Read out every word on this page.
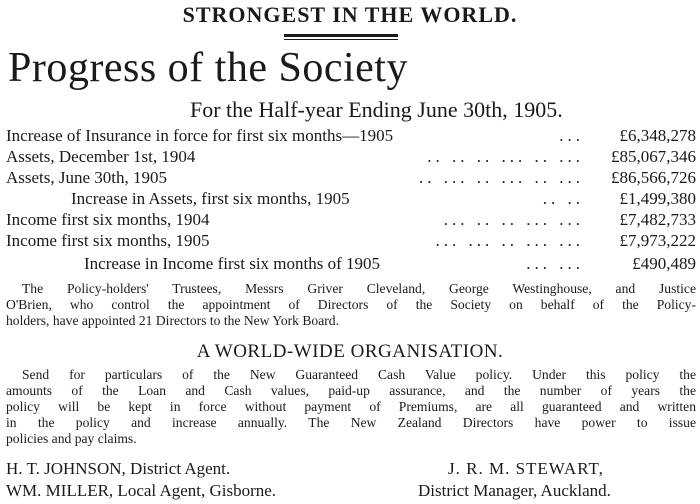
STRONGEST IN THE WORLD.
Progress of the Society
For the Half-year Ending June 30th, 1905.
Increase of Insurance in force for first six months—1905	... £6,348,278
Assets, December 1st, 1904	.. .. .. ... .. ... £85,067,346
Assets, June 30th, 1905	.. ... .. ... .. ... £86,566,726
Increase in Assets, first six months, 1905	.. .. £1,499,380
Income first six months, 1904	... .. .. ... ... £7,482,733
Income first six months, 1905	... ... .. ... ... £7,973,222
Increase in Income first six months of 1905	... ...	£490,489
The Policy-holders' Trustees, Messrs Griver Cleveland, George Westinghouse, and Justice
O'Brien, who control the appointment of Directors of the Society on behalf of the Policy-
holders, have appointed 21 Directors to the New York Board.
A WORLD-WIDE ORGANISATION.
Send for particulars of the New Guaranteed Cash Value policy. Under this policy the
amounts of the Loan and Cash values, paid-up assurance, and the number of years the
policy will be kept in force without payment of Premiums, are all guaranteed and written
in the policy and increase annually. The New Zealand Directors have power to issue
policies and pay claims.
H. T. JOHNSON, District Agent.
WM. MILLER, Local Agent, Gisborne.
J. R. M. STEWART,
District Manager, Auckland.
